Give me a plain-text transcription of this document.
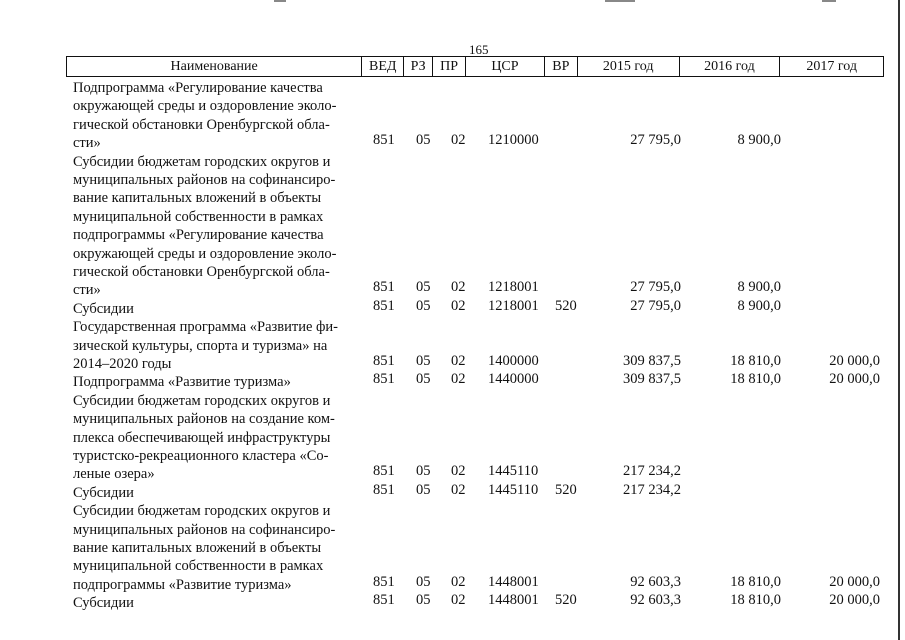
165
Наименование	ВЕД	РЗ	ПР	ЦСР	ВР	2015 год	2016 год	2017 год
Подпрограмма «Регулирование качества
окружающей среды и оздоровление эколо-
гической обстановки Оренбургской обла-
сти»	851 05 02 1210000	27 795,0	8 900,0
Субсидии бюджетам городских округов и
муниципальных районов на софинансиро-
вание капитальных вложений в объекты
муниципальной собственности в рамках
подпрограммы «Регулирование качества
окружающей среды и оздоровление эколо-
гической обстановки Оренбургской обла-
сти»	851 05 02 1218001	27 795,0	8 900,0
Субсидии	851 05 02 1218001 520	27 795,0	8 900,0
Государственная программа «Развитие фи-
зической культуры, спорта и туризма» на
2014–2020 годы	851 05 02 1400000	309 837,5	18 810,0	20 000,0
Подпрограмма «Развитие туризма»	851 05 02 1440000	309 837,5	18 810,0	20 000,0
Субсидии бюджетам городских округов и
муниципальных районов на создание ком-
плекса обеспечивающей инфраструктуры
туристско-рекреационного кластера «Со-
леные озера»	851 05 02 1445110	217 234,2
Субсидии	851 05 02 1445110 520	217 234,2
Субсидии бюджетам городских округов и
муниципальных районов на софинансиро-
вание капитальных вложений в объекты
муниципальной собственности в рамках
подпрограммы «Развитие туризма»	851 05 02 1448001	92 603,3	18 810,0	20 000,0
Субсидии	851 05 02 1448001 520	92 603,3	18 810,0	20 000,0
